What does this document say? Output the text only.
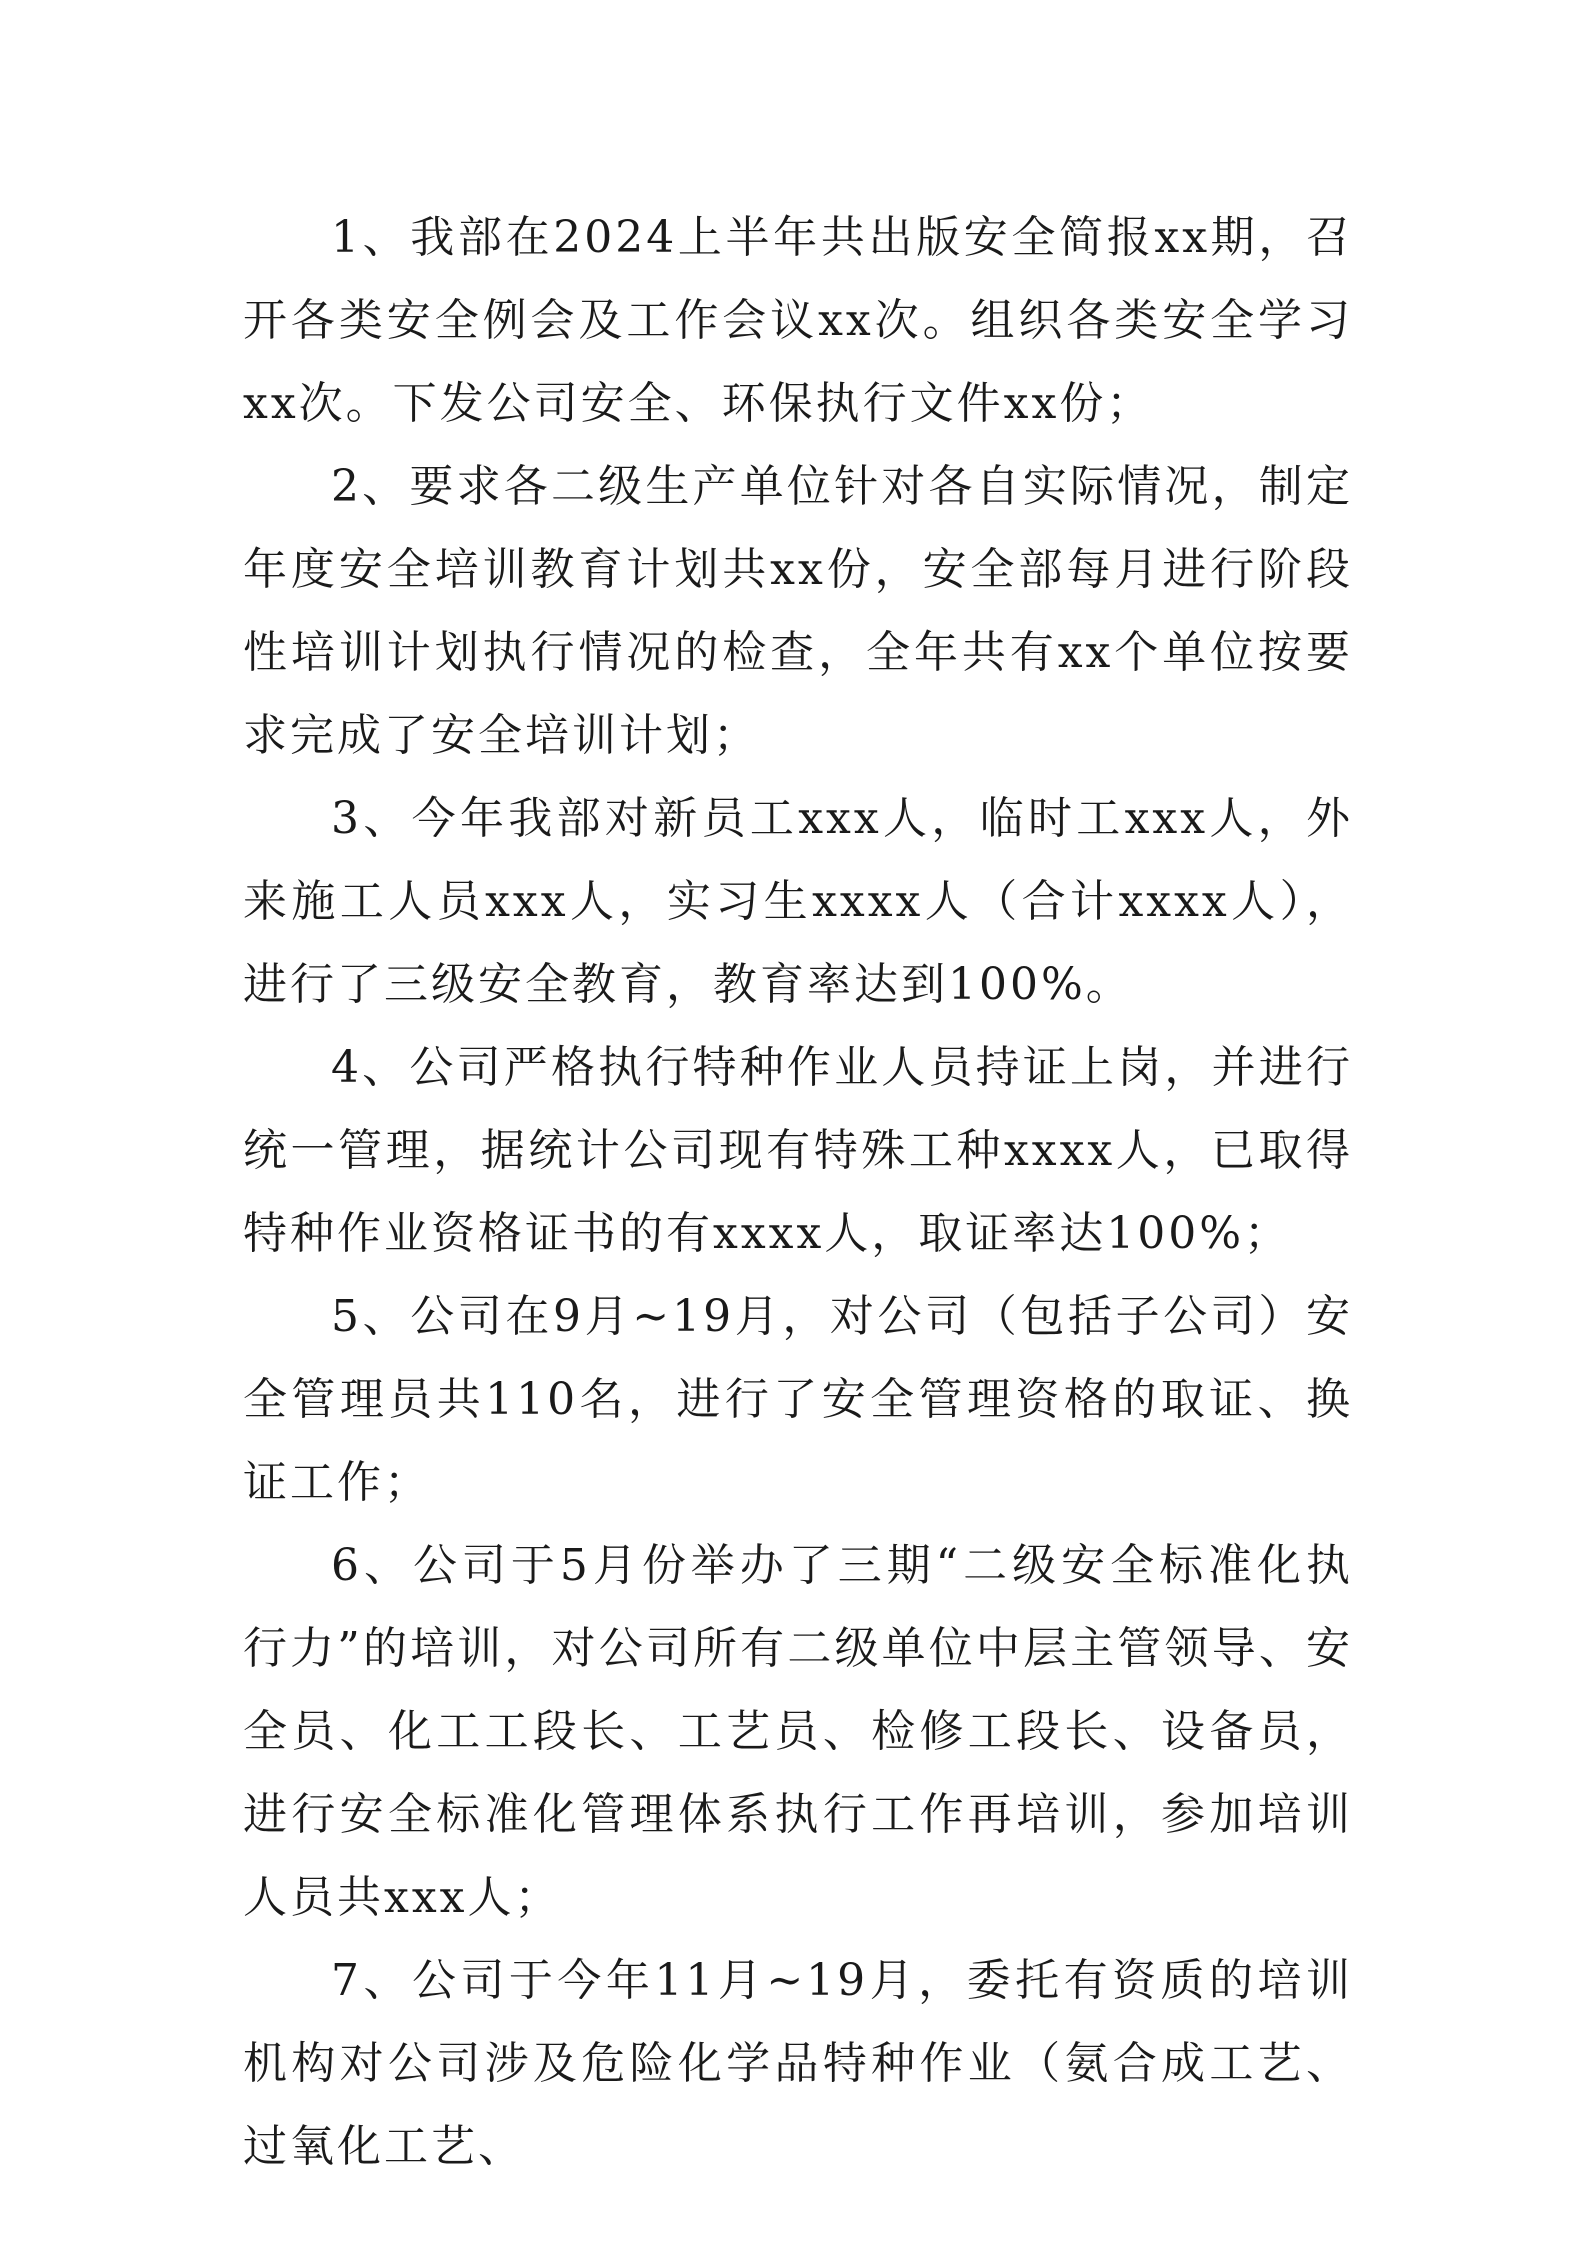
1、我部在2024上半年共出版安全简报xx期，召开各类安全例会及工作会议xx次。组织各类安全学习xx次。下发公司安全、环保执行文件xx份；

2、要求各二级生产单位针对各自实际情况，制定年度安全培训教育计划共xx份，安全部每月进行阶段性培训计划执行情况的检查，全年共有xx个单位按要求完成了安全培训计划；

3、今年我部对新员工xxx人，临时工xxx人，外来施工人员xxx人，实习生xxxx人（合计xxxx人），进行了三级安全教育，教育率达到100%。

4、公司严格执行特种作业人员持证上岗，并进行统一管理，据统计公司现有特殊工种xxxx人，已取得特种作业资格证书的有xxxx人，取证率达100%；

5、公司在9月~19月，对公司（包括子公司）安全管理员共110名，进行了安全管理资格的取证、换证工作；

6、公司于5月份举办了三期“二级安全标准化执行力”的培训，对公司所有二级单位中层主管领导、安全员、化工工段长、工艺员、检修工段长、设备员，进行安全标准化管理体系执行工作再培训，参加培训人员共xxx人；

7、公司于今年11月~19月，委托有资质的培训机构对公司涉及危险化学品特种作业（氨合成工艺、过氧化工艺、
